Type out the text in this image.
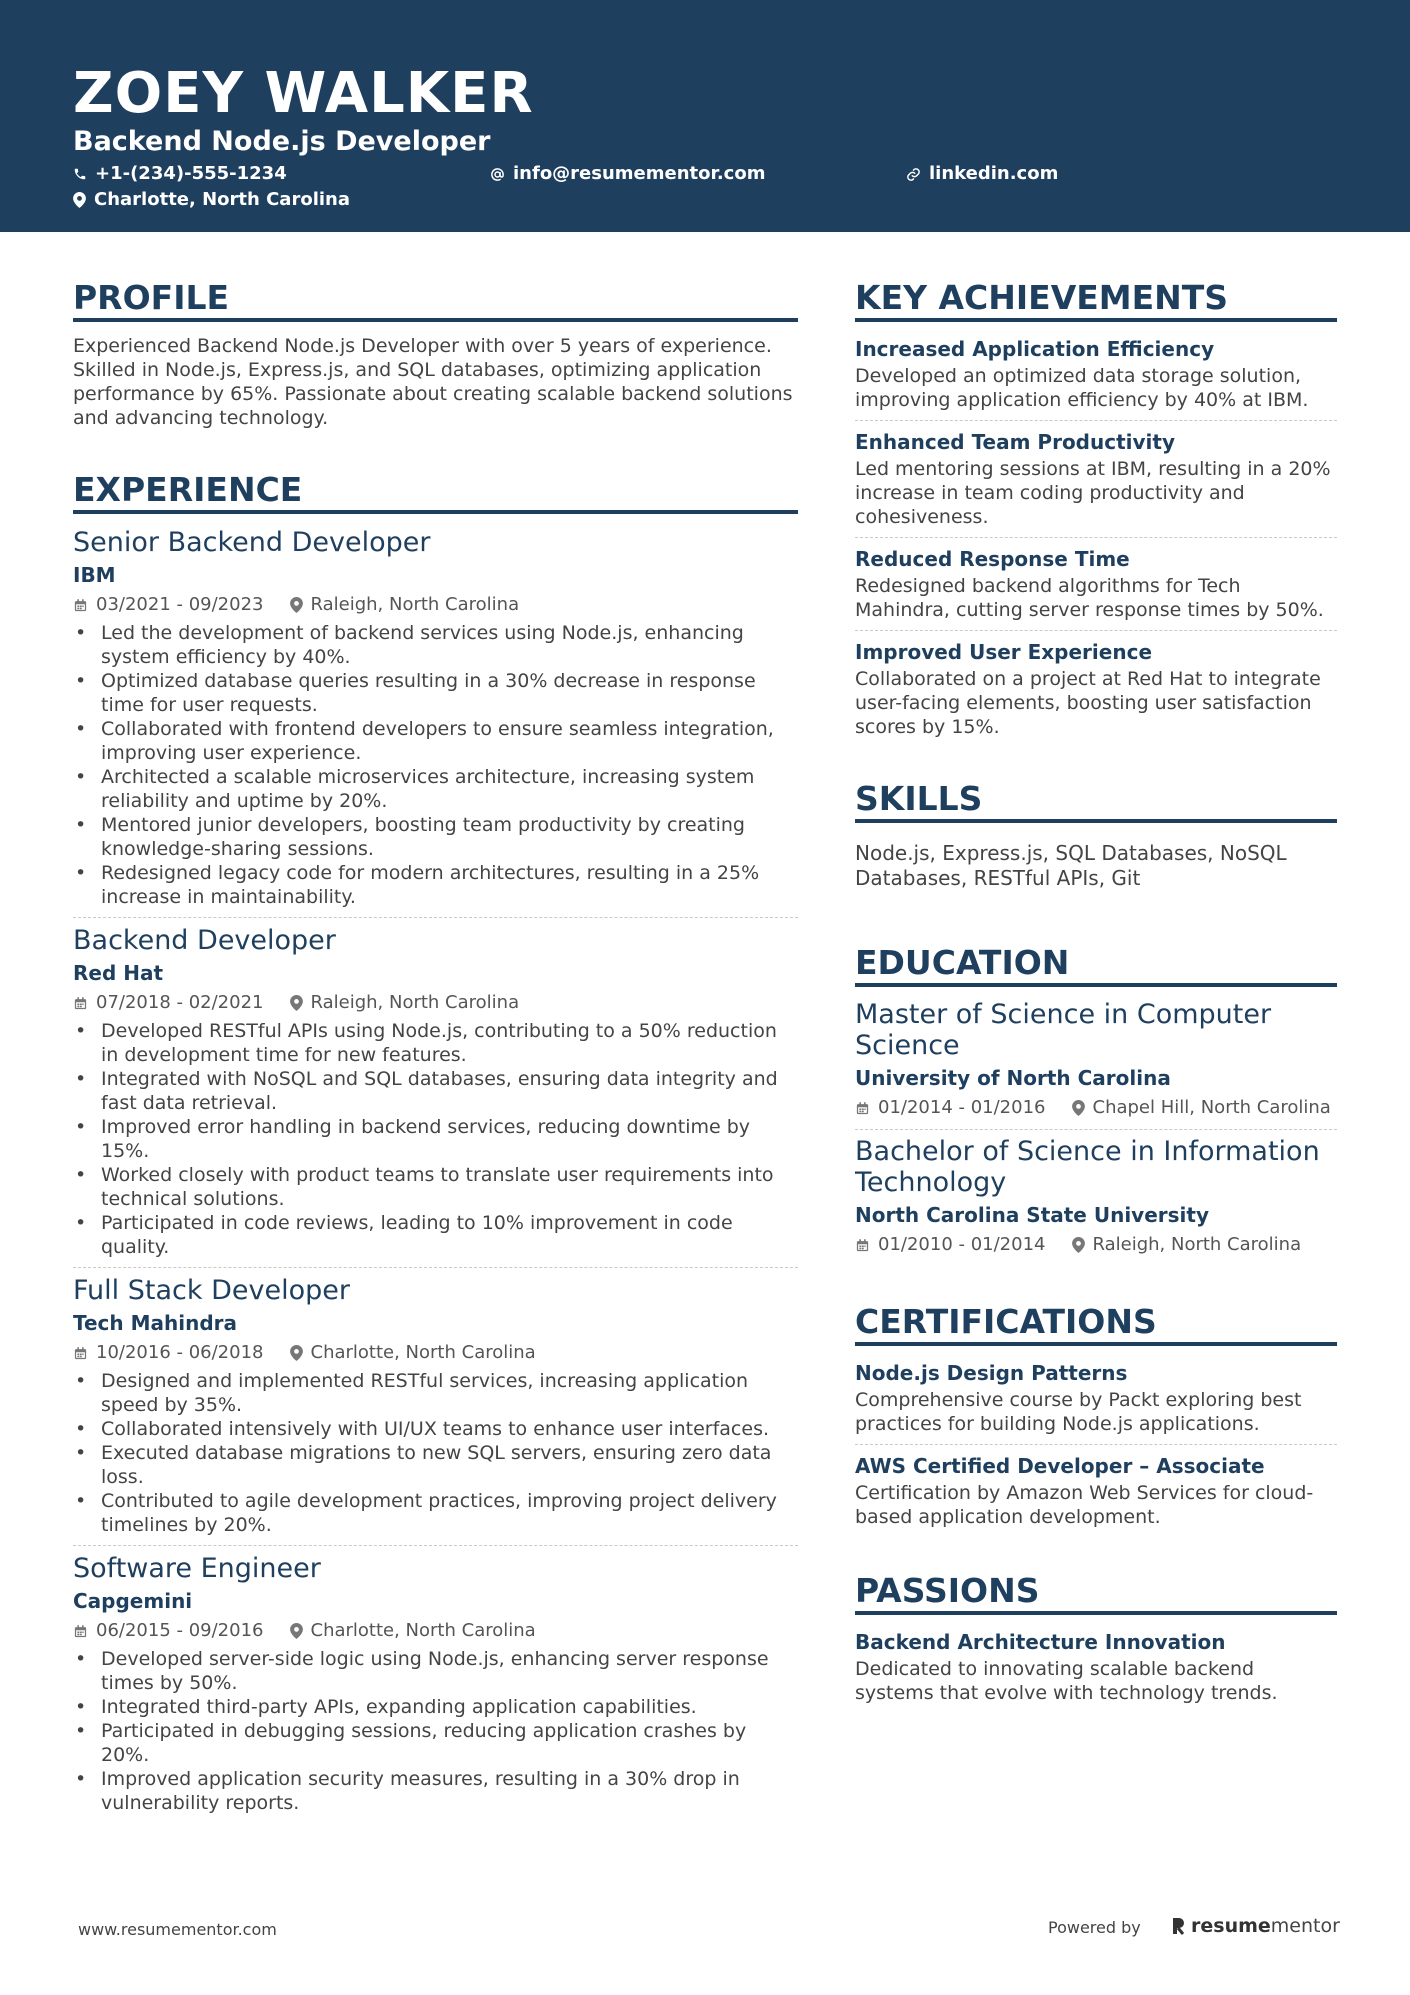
ZOEY WALKER
Backend Node.js Developer
+1-(234)-555-1234	info@resumementor.com	linkedin.com
Charlotte, North Carolina
PROFILE
Experienced Backend Node.js Developer with over 5 years of experience. Skilled in Node.js, Express.js, and SQL databases, optimizing application performance by 65%. Passionate about creating scalable backend solutions and advancing technology.
EXPERIENCE
Senior Backend Developer
IBM
03/2021 - 09/2023	Raleigh, North Carolina
• Led the development of backend services using Node.js, enhancing system efficiency by 40%.
• Optimized database queries resulting in a 30% decrease in response time for user requests.
• Collaborated with frontend developers to ensure seamless integration, improving user experience.
• Architected a scalable microservices architecture, increasing system reliability and uptime by 20%.
• Mentored junior developers, boosting team productivity by creating knowledge-sharing sessions.
• Redesigned legacy code for modern architectures, resulting in a 25% increase in maintainability.
Backend Developer
Red Hat
07/2018 - 02/2021	Raleigh, North Carolina
• Developed RESTful APIs using Node.js, contributing to a 50% reduction in development time for new features.
• Integrated with NoSQL and SQL databases, ensuring data integrity and fast data retrieval.
• Improved error handling in backend services, reducing downtime by 15%.
• Worked closely with product teams to translate user requirements into technical solutions.
• Participated in code reviews, leading to 10% improvement in code quality.
Full Stack Developer
Tech Mahindra
10/2016 - 06/2018	Charlotte, North Carolina
• Designed and implemented RESTful services, increasing application speed by 35%.
• Collaborated intensively with UI/UX teams to enhance user interfaces.
• Executed database migrations to new SQL servers, ensuring zero data loss.
• Contributed to agile development practices, improving project delivery timelines by 20%.
Software Engineer
Capgemini
06/2015 - 09/2016	Charlotte, North Carolina
• Developed server-side logic using Node.js, enhancing server response times by 50%.
• Integrated third-party APIs, expanding application capabilities.
• Participated in debugging sessions, reducing application crashes by 20%.
• Improved application security measures, resulting in a 30% drop in vulnerability reports.
KEY ACHIEVEMENTS
Increased Application Efficiency
Developed an optimized data storage solution, improving application efficiency by 40% at IBM.
Enhanced Team Productivity
Led mentoring sessions at IBM, resulting in a 20% increase in team coding productivity and cohesiveness.
Reduced Response Time
Redesigned backend algorithms for Tech Mahindra, cutting server response times by 50%.
Improved User Experience
Collaborated on a project at Red Hat to integrate user-facing elements, boosting user satisfaction scores by 15%.
SKILLS
Node.js, Express.js, SQL Databases, NoSQL Databases, RESTful APIs, Git
EDUCATION
Master of Science in Computer Science
University of North Carolina
01/2014 - 01/2016	Chapel Hill, North Carolina
Bachelor of Science in Information Technology
North Carolina State University
01/2010 - 01/2014	Raleigh, North Carolina
CERTIFICATIONS
Node.js Design Patterns
Comprehensive course by Packt exploring best practices for building Node.js applications.
AWS Certified Developer – Associate
Certification by Amazon Web Services for cloud-based application development.
PASSIONS
Backend Architecture Innovation
Dedicated to innovating scalable backend systems that evolve with technology trends.
www.resumementor.com	Powered by	resume mentor
